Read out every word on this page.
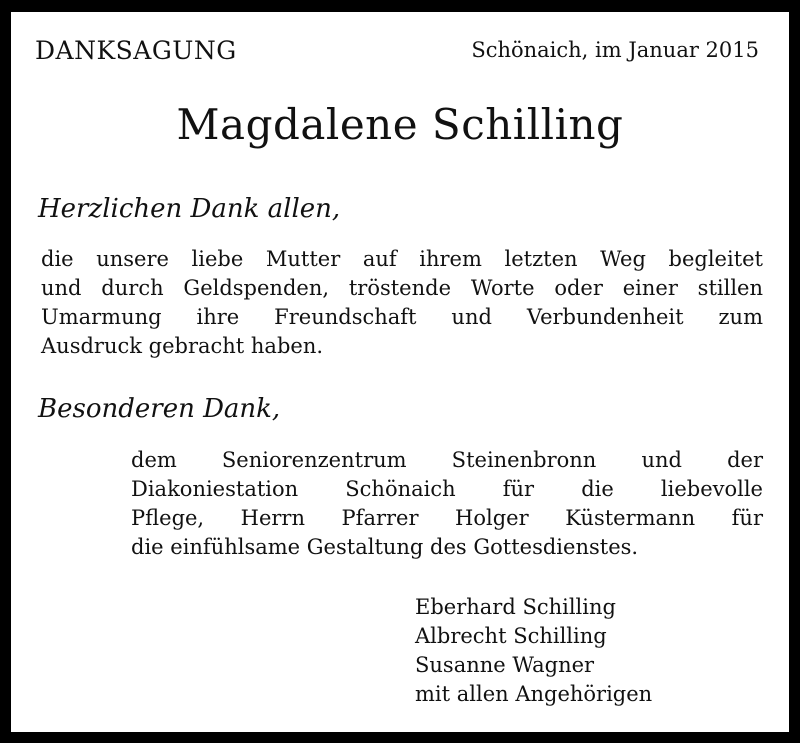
DANKSAGUNG	Schönaich, im Januar 2015
Magdalene Schilling
Herzlichen Dank allen,
die unsere liebe Mutter auf ihrem letzten Weg begleitet
und durch Geldspenden, tröstende Worte oder einer stillen
Umarmung ihre Freundschaft und Verbundenheit zum
Ausdruck gebracht haben.
Besonderen Dank,
dem Seniorenzentrum Steinenbronn und der
Diakoniestation Schönaich für die liebevolle
Pflege, Herrn Pfarrer Holger Küstermann für
die einfühlsame Gestaltung des Gottesdienstes.
Eberhard Schilling
Albrecht Schilling
Susanne Wagner
mit allen Angehörigen
